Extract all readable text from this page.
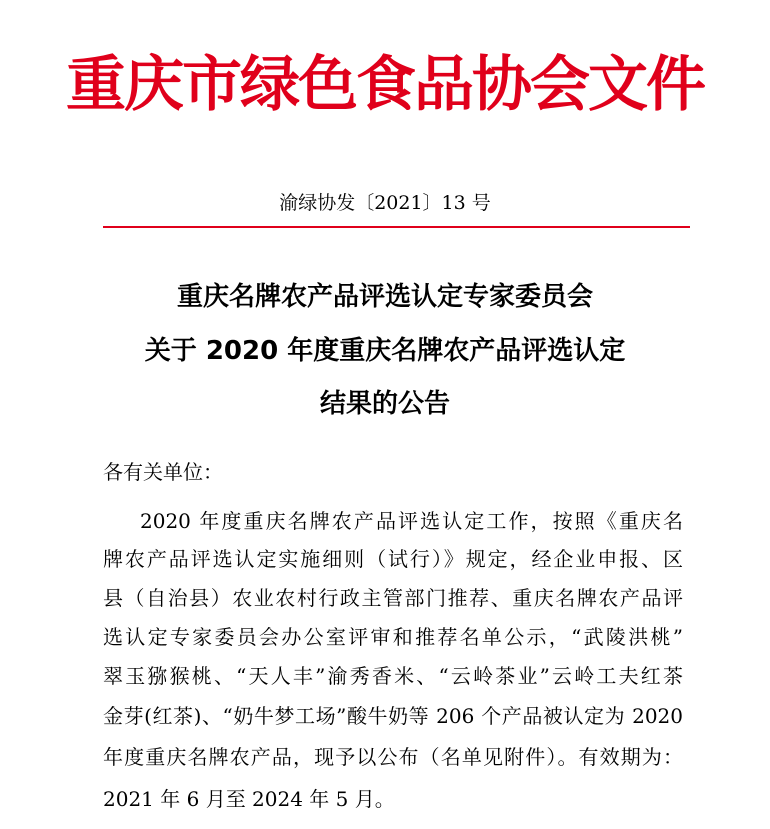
重庆市绿色食品协会文件
渝绿协发〔2021〕13 号
重庆名牌农产品评选认定专家委员会
关于 2020 年度重庆名牌农产品评选认定
结果的公告
各有关单位：
2020 年度重庆名牌农产品评选认定工作，按照《重庆名
牌农产品评选认定实施细则（试行）》规定，经企业申报、区
县（自治县）农业农村行政主管部门推荐、重庆名牌农产品评
选认定专家委员会办公室评审和推荐名单公示，“武陵洪桃”
翠玉猕猴桃、“天人丰”渝秀香米、“云岭茶业”云岭工夫红茶
金芽(红茶)、“奶牛梦工场”酸牛奶等 206 个产品被认定为 2020
年度重庆名牌农产品，现予以公布（名单见附件）。有效期为：
2021 年 6 月至 2024 年 5 月。
